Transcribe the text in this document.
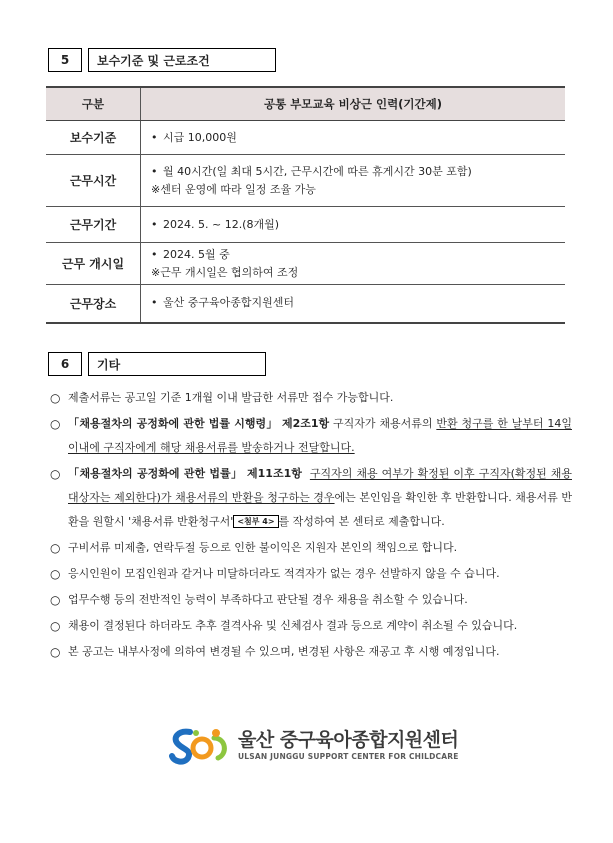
5	보수기준 및 근로조건
구분	공통 부모교육 비상근 인력(기간제)
보수기준	• 시급 10,000원

근무시간	• 월 40시간(일 최대 5시간, 근무시간에 따른 휴게시간 30분 포함)
※센터 운영에 따라 일정 조율 가능

근무기간	• 2024. 5. ~ 12.(8개월)

근무 개시일	• 2024. 5월 중
※근무 개시일은 협의하여 조정

근무장소	• 울산 중구육아종합지원센터
6	기타
○ 제출서류는 공고일 기준 1개월 이내 발급한 서류만 접수 가능합니다.
○ 「채용절차의 공정화에 관한 법률 시행령」 제2조1항 구직자가 채용서류의 반환 청구를 한 날부터 14일 이내에 구직자에게 해당 채용서류를 발송하거나 전달합니다.
○ 「채용절차의 공정화에 관한 법률」 제11조1항 구직자의 채용 여부가 확정된 이후 구직자(확정된 채용대상자는 제외한다)가 채용서류의 반환을 청구하는 경우에는 본인임을 확인한 후 반환합니다. 채용서류 반환을 원할시 '채용서류 반환청구서' <첨부 4> 를 작성하여 본 센터로 제출합니다.
○ 구비서류 미제출, 연락두절 등으로 인한 불이익은 지원자 본인의 책임으로 합니다.
○ 응시인원이 모집인원과 같거나 미달하더라도 적격자가 없는 경우 선발하지 않을 수 습니다.
○ 업무수행 등의 전반적인 능력이 부족하다고 판단될 경우 채용을 취소할 수 있습니다.
○ 채용이 결정된다 하더라도 추후 결격사유 및 신체검사 결과 등으로 계약이 취소될 수 있습니다.
○ 본 공고는 내부사정에 의하여 변경될 수 있으며, 변경된 사항은 재공고 후 시행 예정입니다.
울산 중구육아종합지원센터
ULSAN JUNGGU SUPPORT CENTER FOR CHILDCARE
